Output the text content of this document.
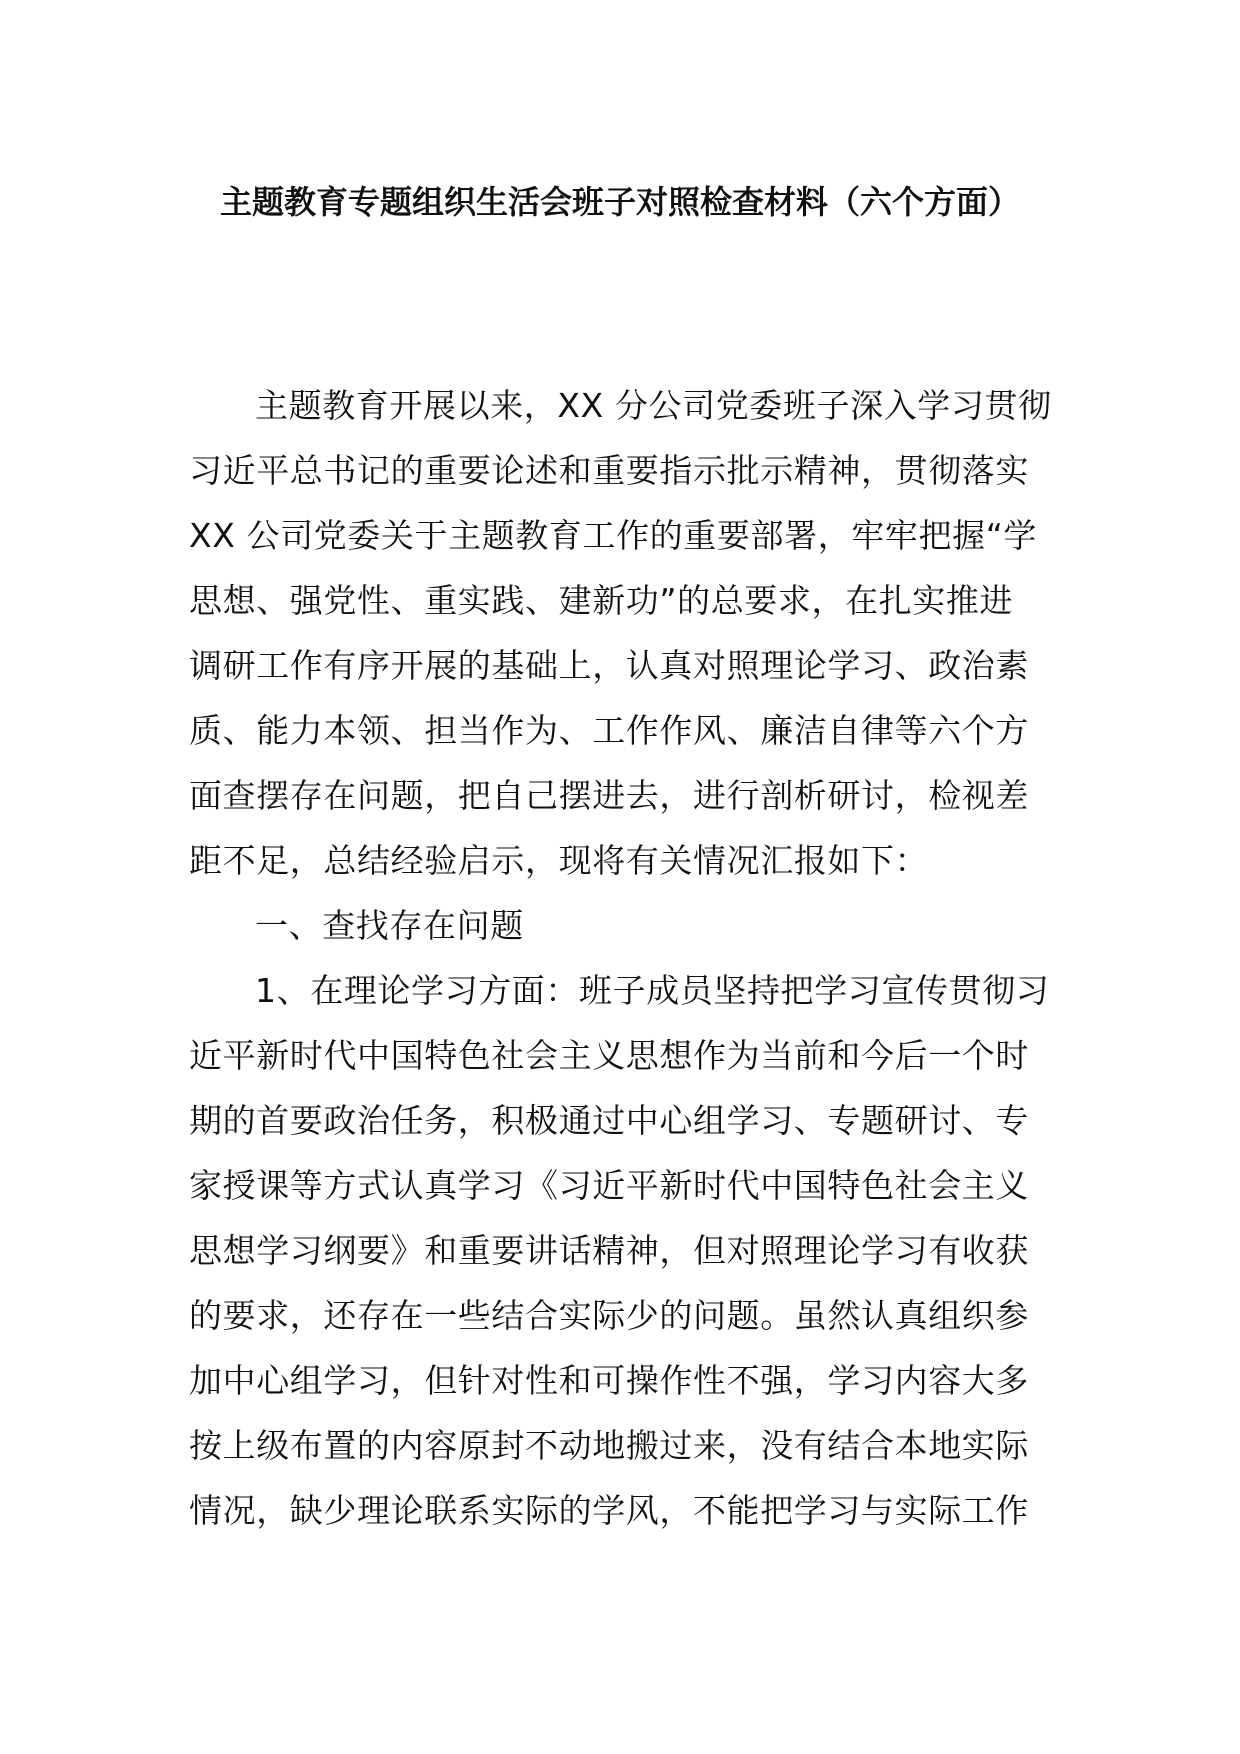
主题教育专题组织生活会班子对照检查材料（六个方面）
主题教育开展以来，XX 分公司党委班子深入学习贯彻
习近平总书记的重要论述和重要指示批示精神，贯彻落实
XX 公司党委关于主题教育工作的重要部署，牢牢把握“学
思想、强党性、重实践、建新功”的总要求，在扎实推进
调研工作有序开展的基础上，认真对照理论学习、政治素
质、能力本领、担当作为、工作作风、廉洁自律等六个方
面查摆存在问题，把自己摆进去，进行剖析研讨，检视差
距不足，总结经验启示，现将有关情况汇报如下：
一、查找存在问题
1、在理论学习方面：班子成员坚持把学习宣传贯彻习
近平新时代中国特色社会主义思想作为当前和今后一个时
期的首要政治任务，积极通过中心组学习、专题研讨、专
家授课等方式认真学习《习近平新时代中国特色社会主义
思想学习纲要》和重要讲话精神，但对照理论学习有收获
的要求，还存在一些结合实际少的问题。虽然认真组织参
加中心组学习，但针对性和可操作性不强，学习内容大多
按上级布置的内容原封不动地搬过来，没有结合本地实际
情况，缺少理论联系实际的学风，不能把学习与实际工作
